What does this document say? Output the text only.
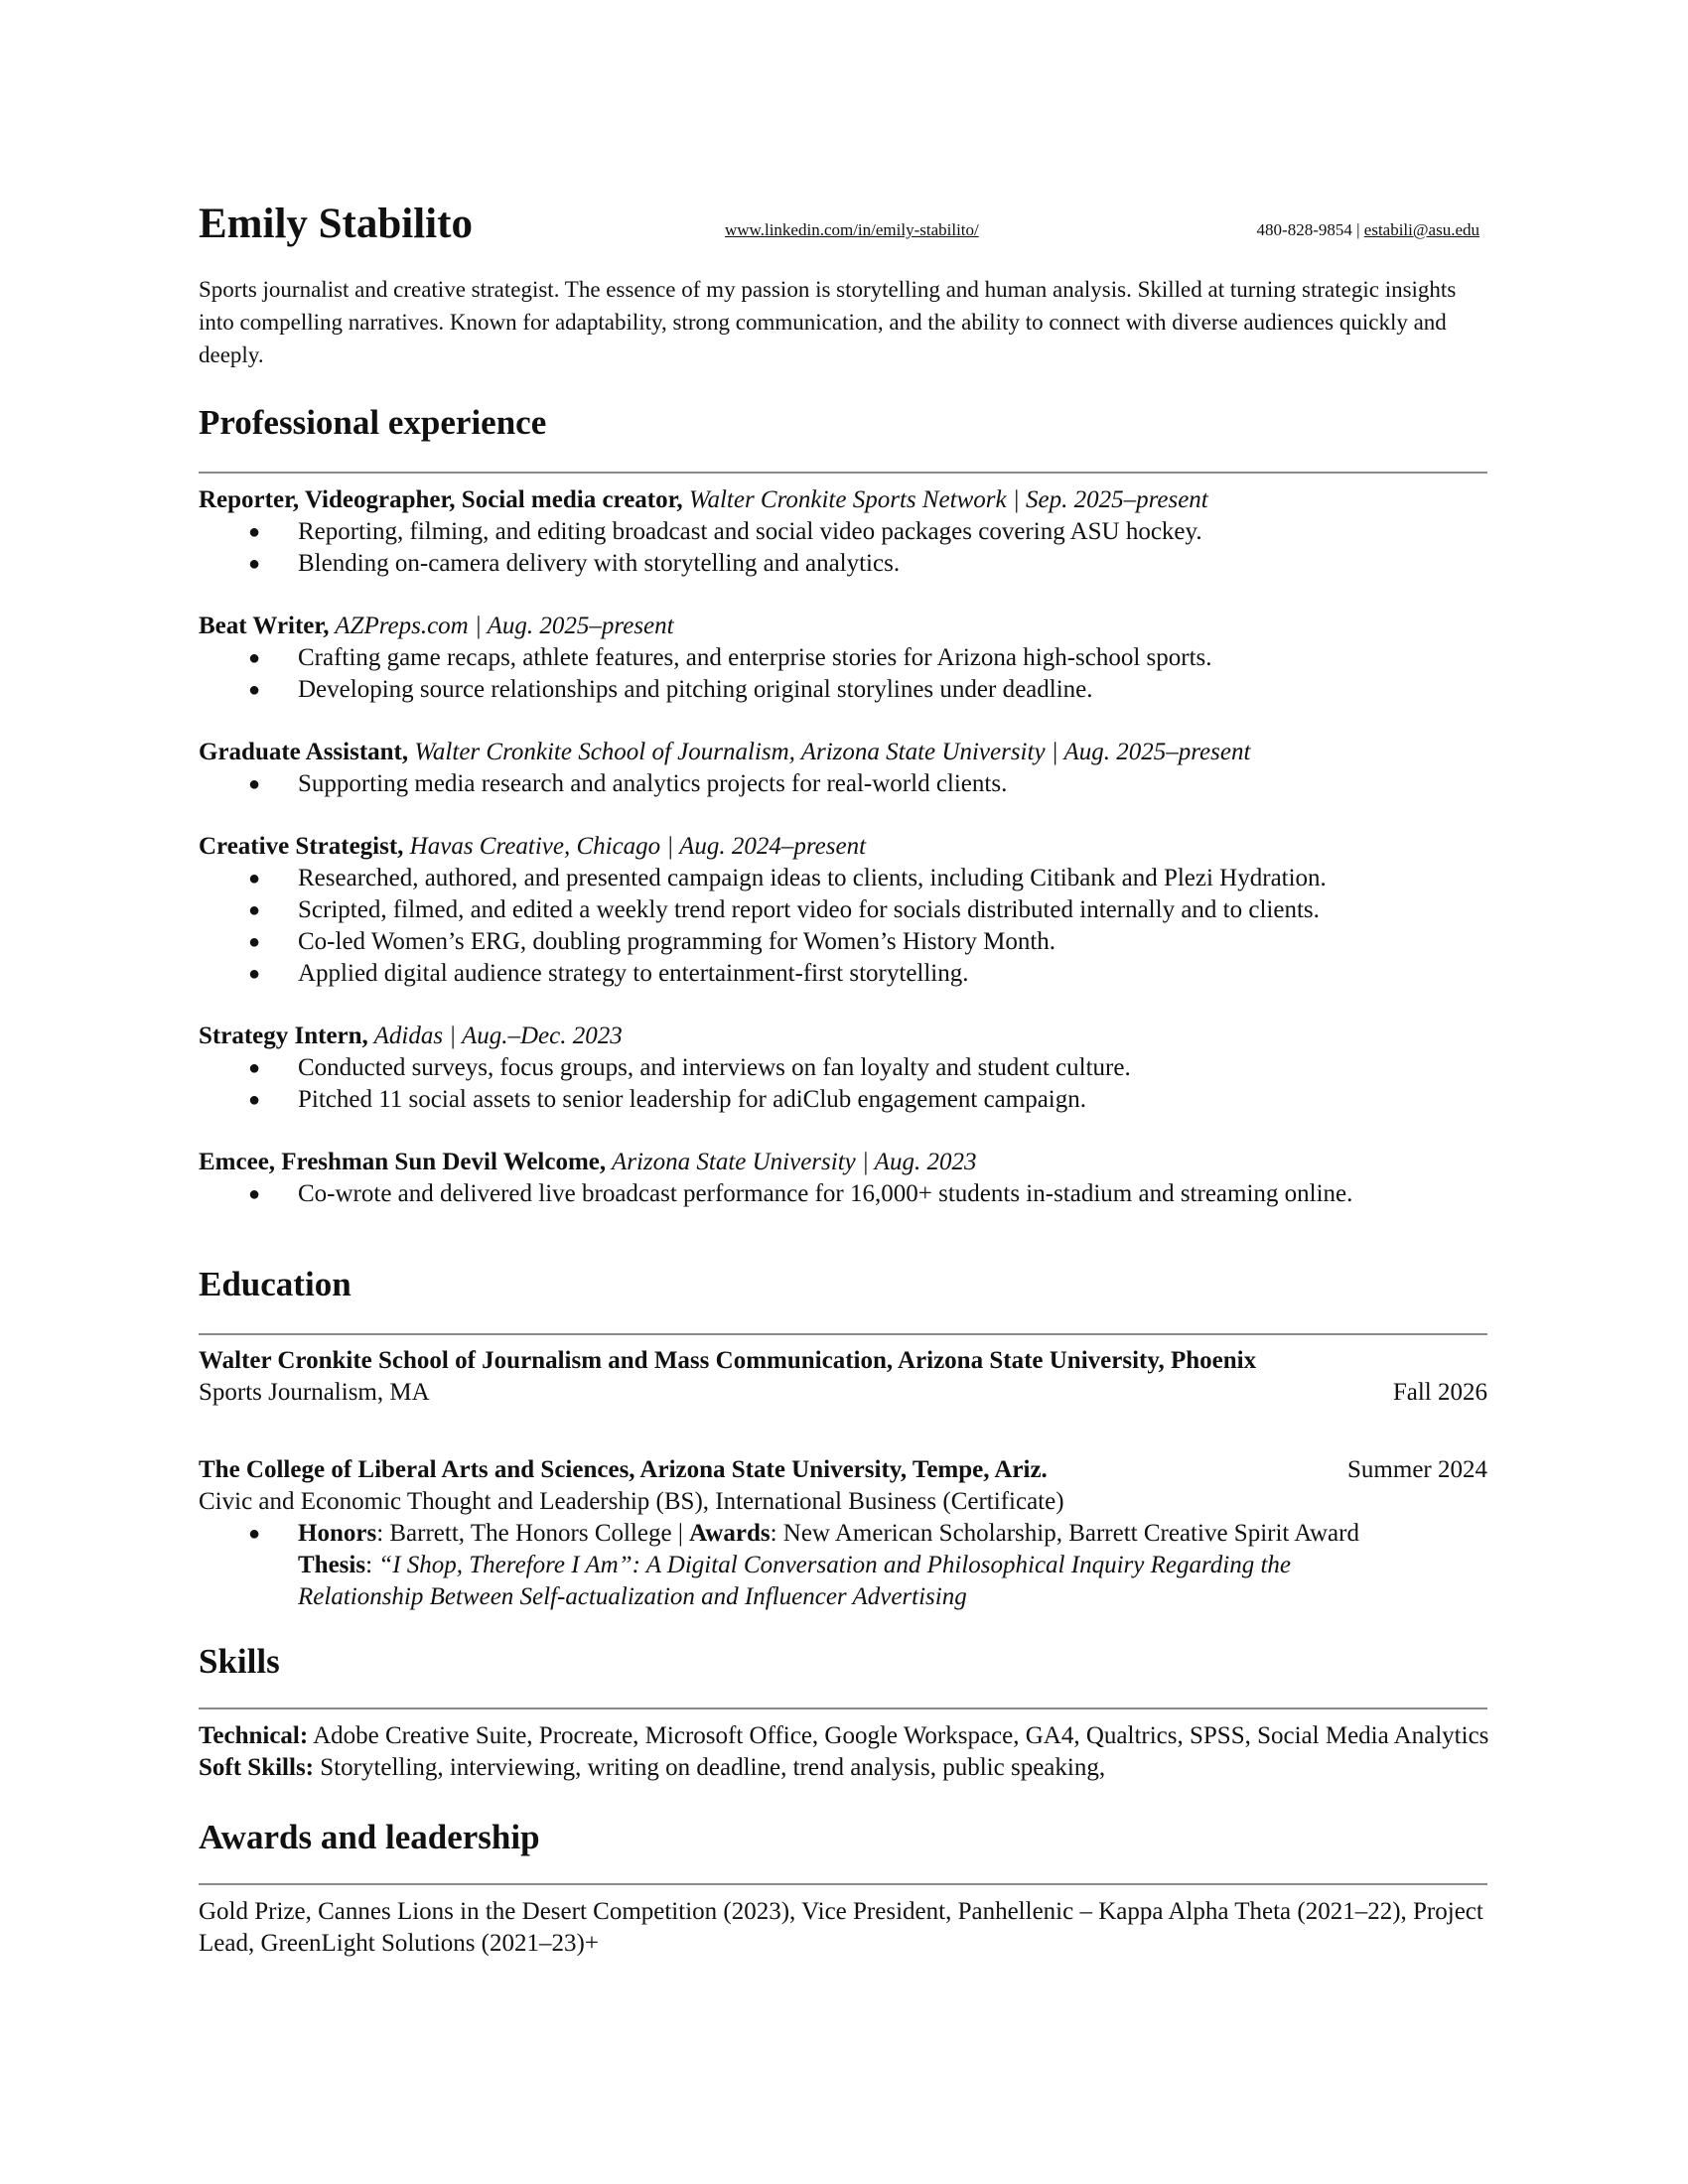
Emily Stabilito	www.linkedin.com/in/emily-stabilito/	480-828-9854 | estabili@asu.edu
Sports journalist and creative strategist. The essence of my passion is storytelling and human analysis. Skilled at turning strategic insights into compelling narratives. Known for adaptability, strong communication, and the ability to connect with diverse audiences quickly and deeply.
Professional experience
Reporter, Videographer, Social media creator, Walter Cronkite Sports Network | Sep. 2025–present
● Reporting, filming, and editing broadcast and social video packages covering ASU hockey.
● Blending on-camera delivery with storytelling and analytics.
Beat Writer, AZPreps.com | Aug. 2025–present
● Crafting game recaps, athlete features, and enterprise stories for Arizona high-school sports.
● Developing source relationships and pitching original storylines under deadline.
Graduate Assistant, Walter Cronkite School of Journalism, Arizona State University | Aug. 2025–present
● Supporting media research and analytics projects for real-world clients.
Creative Strategist, Havas Creative, Chicago | Aug. 2024–present
● Researched, authored, and presented campaign ideas to clients, including Citibank and Plezi Hydration.
● Scripted, filmed, and edited a weekly trend report video for socials distributed internally and to clients.
● Co-led Women’s ERG, doubling programming for Women’s History Month.
● Applied digital audience strategy to entertainment-first storytelling.
Strategy Intern, Adidas | Aug.–Dec. 2023
● Conducted surveys, focus groups, and interviews on fan loyalty and student culture.
● Pitched 11 social assets to senior leadership for adiClub engagement campaign.
Emcee, Freshman Sun Devil Welcome, Arizona State University | Aug. 2023
● Co-wrote and delivered live broadcast performance for 16,000+ students in-stadium and streaming online.
Education
Walter Cronkite School of Journalism and Mass Communication, Arizona State University, Phoenix
Sports Journalism, MA	Fall 2026
The College of Liberal Arts and Sciences, Arizona State University, Tempe, Ariz.	Summer 2024
Civic and Economic Thought and Leadership (BS), International Business (Certificate)
● Honors: Barrett, The Honors College | Awards: New American Scholarship, Barrett Creative Spirit Award
Thesis: “I Shop, Therefore I Am”: A Digital Conversation and Philosophical Inquiry Regarding the
Relationship Between Self-actualization and Influencer Advertising
Skills
Technical: Adobe Creative Suite, Procreate, Microsoft Office, Google Workspace, GA4, Qualtrics, SPSS, Social Media Analytics Soft Skills: Storytelling, interviewing, writing on deadline, trend analysis, public speaking,
Awards and leadership
Gold Prize, Cannes Lions in the Desert Competition (2023), Vice President, Panhellenic – Kappa Alpha Theta (2021–22), Project Lead, GreenLight Solutions (2021–23)+
